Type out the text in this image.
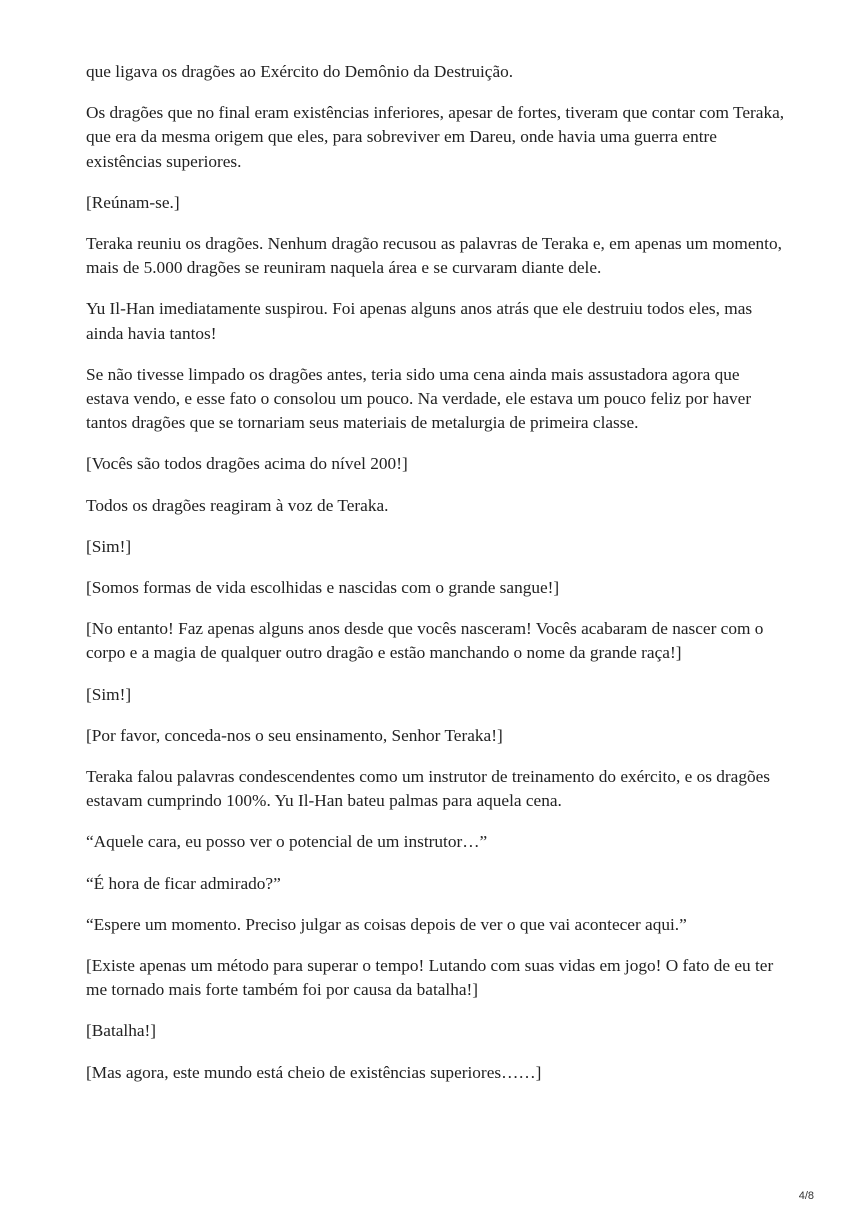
que ligava os dragões ao Exército do Demônio da Destruição.

Os dragões que no final eram existências inferiores, apesar de fortes, tiveram que contar com Teraka, que era da mesma origem que eles, para sobreviver em Dareu, onde havia uma guerra entre existências superiores.

[Reúnam-se.]

Teraka reuniu os dragões. Nenhum dragão recusou as palavras de Teraka e, em apenas um momento, mais de 5.000 dragões se reuniram naquela área e se curvaram diante dele.

Yu Il-Han imediatamente suspirou. Foi apenas alguns anos atrás que ele destruiu todos eles, mas ainda havia tantos!

Se não tivesse limpado os dragões antes, teria sido uma cena ainda mais assustadora agora que estava vendo, e esse fato o consolou um pouco. Na verdade, ele estava um pouco feliz por haver tantos dragões que se tornariam seus materiais de metalurgia de primeira classe.

[Vocês são todos dragões acima do nível 200!]

Todos os dragões reagiram à voz de Teraka.

[Sim!]

[Somos formas de vida escolhidas e nascidas com o grande sangue!]

[No entanto! Faz apenas alguns anos desde que vocês nasceram! Vocês acabaram de nascer com o corpo e a magia de qualquer outro dragão e estão manchando o nome da grande raça!]

[Sim!]

[Por favor, conceda-nos o seu ensinamento, Senhor Teraka!]

Teraka falou palavras condescendentes como um instrutor de treinamento do exército, e os dragões estavam cumprindo 100%. Yu Il-Han bateu palmas para aquela cena.

“Aquele cara, eu posso ver o potencial de um instrutor…”

“É hora de ficar admirado?”

“Espere um momento. Preciso julgar as coisas depois de ver o que vai acontecer aqui.”

[Existe apenas um método para superar o tempo! Lutando com suas vidas em jogo! O fato de eu ter me tornado mais forte também foi por causa da batalha!]

[Batalha!]

[Mas agora, este mundo está cheio de existências superiores……]

4/8
